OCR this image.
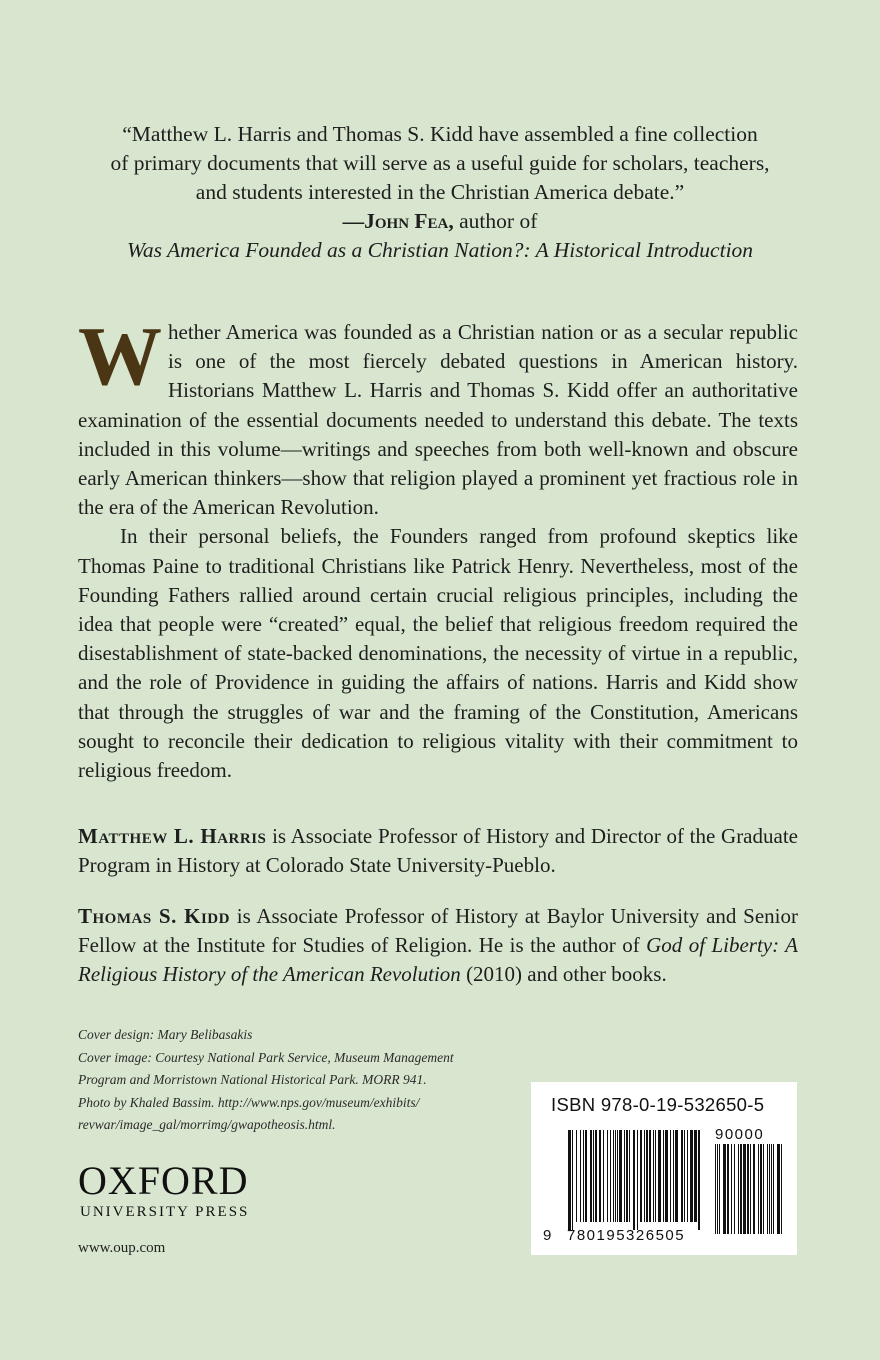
“Matthew L. Harris and Thomas S. Kidd have assembled a fine collection
of primary documents that will serve as a useful guide for scholars, teachers,
and students interested in the Christian America debate.”
—John Fea, author of
Was America Founded as a Christian Nation?: A Historical Introduction

Whether America was founded as a Christian nation or as a secular republic is one of the most fiercely debated questions in American history. Historians Matthew L. Harris and Thomas S. Kidd offer an authoritative examination of the essential documents needed to understand this debate. The texts included in this volume—writings and speeches from both well-known and obscure early American thinkers—show that religion played a prominent yet fractious role in the era of the American Revolution.

In their personal beliefs, the Founders ranged from profound skeptics like Thomas Paine to traditional Christians like Patrick Henry. Nevertheless, most of the Founding Fathers rallied around certain crucial religious principles, including the idea that people were “created” equal, the belief that religious freedom required the disestablishment of state-backed denominations, the necessity of virtue in a republic, and the role of Providence in guiding the affairs of nations. Harris and Kidd show that through the struggles of war and the framing of the Constitution, Americans sought to reconcile their dedication to religious vitality with their commitment to religious freedom.

Matthew L. Harris is Associate Professor of History and Director of the Graduate Program in History at Colorado State University-Pueblo.
Thomas S. Kidd is Associate Professor of History at Baylor University and Senior Fellow at the Institute for Studies of Religion. He is the author of God of Liberty: A Religious History of the American Revolution (2010) and other books.
Cover design: Mary Belibasakis
Cover image: Courtesy National Park Service, Museum Management
Program and Morristown National Historical Park. MORR 941.
Photo by Khaled Bassim. http://www.nps.gov/museum/exhibits/
revwar/image_gal/morrimg/gwapotheosis.html.
OXFORD
UNIVERSITY PRESS
www.oup.com
ISBN 978-0-19-532650-5
9 780195326505
90000
